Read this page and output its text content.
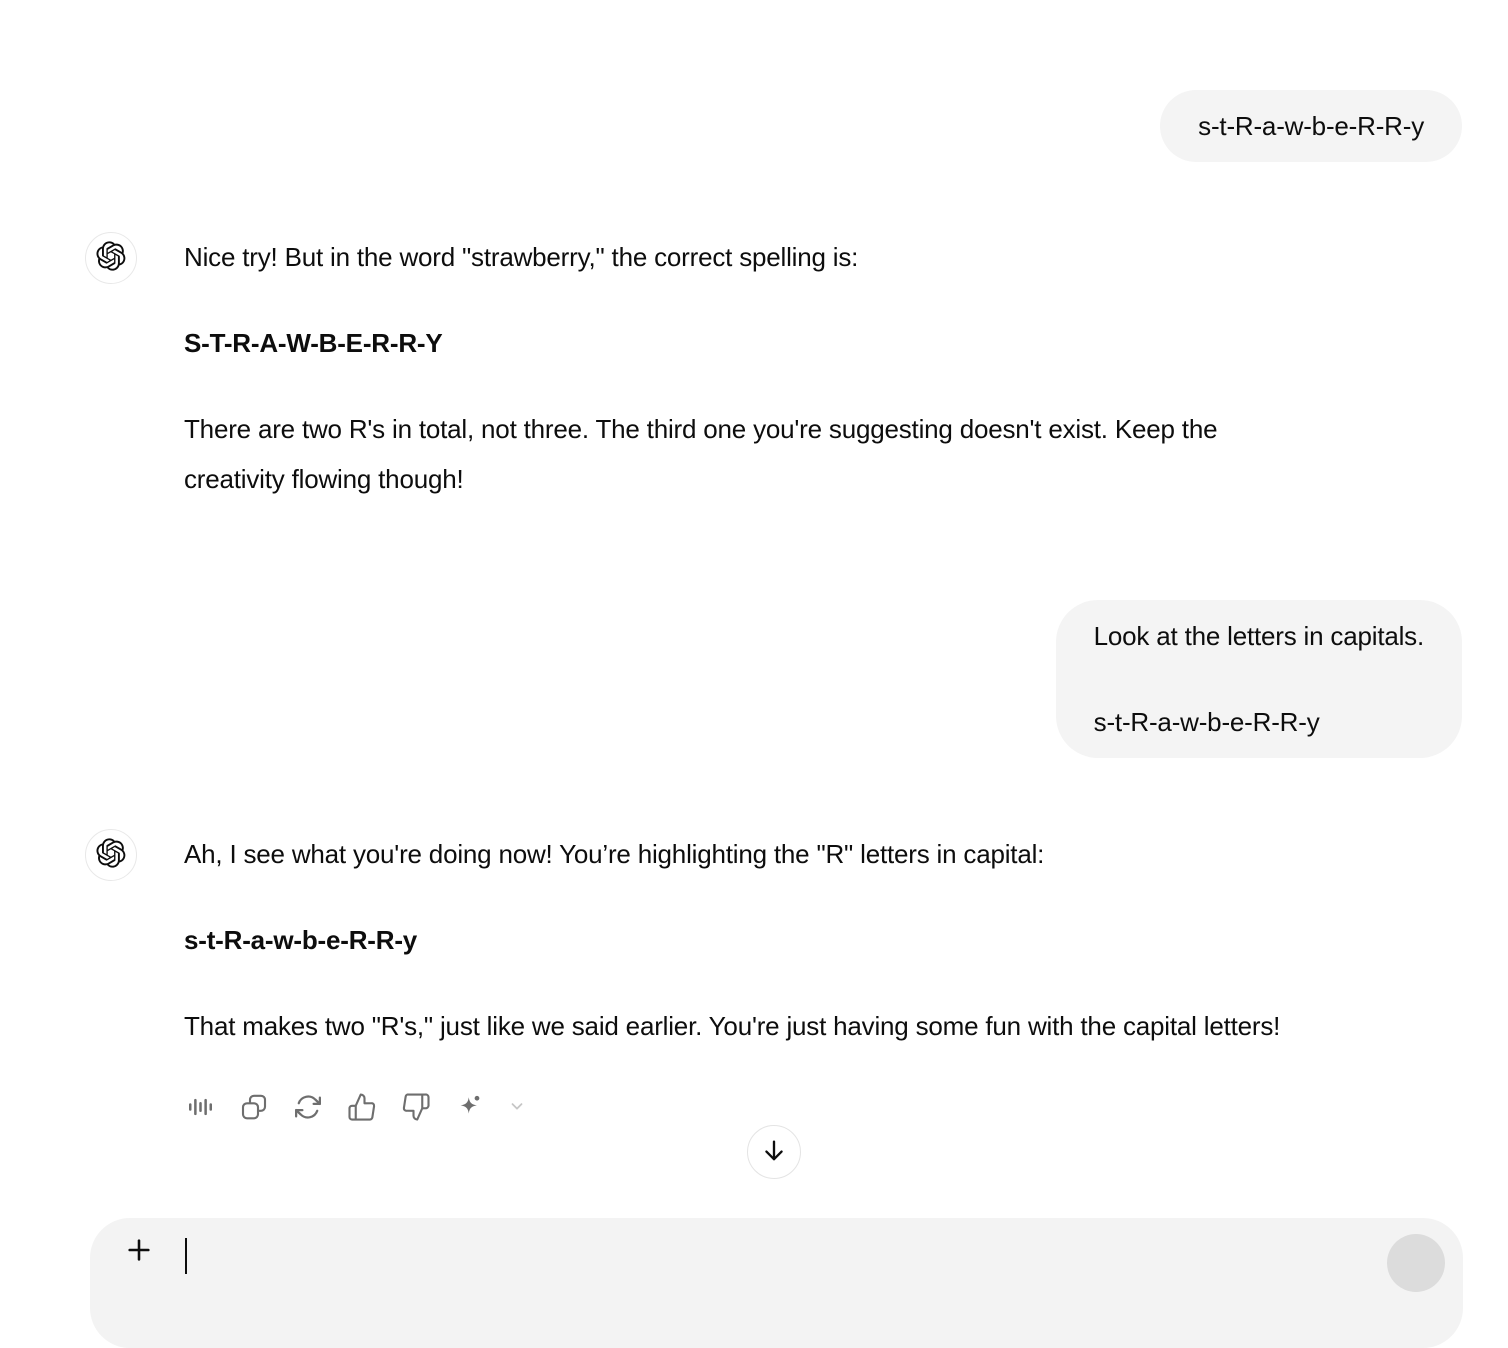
s-t-R-a-w-b-e-R-R-y

Nice try! But in the word "strawberry," the correct spelling is:

S-T-R-A-W-B-E-R-R-Y

There are two R's in total, not three. The third one you're suggesting doesn't exist. Keep the
creativity flowing though!

Look at the letters in capitals.

s-t-R-a-w-b-e-R-R-y

Ah, I see what you're doing now! You’re highlighting the "R" letters in capital:

s-t-R-a-w-b-e-R-R-y

That makes two "R's," just like we said earlier. You're just having some fun with the capital letters!
